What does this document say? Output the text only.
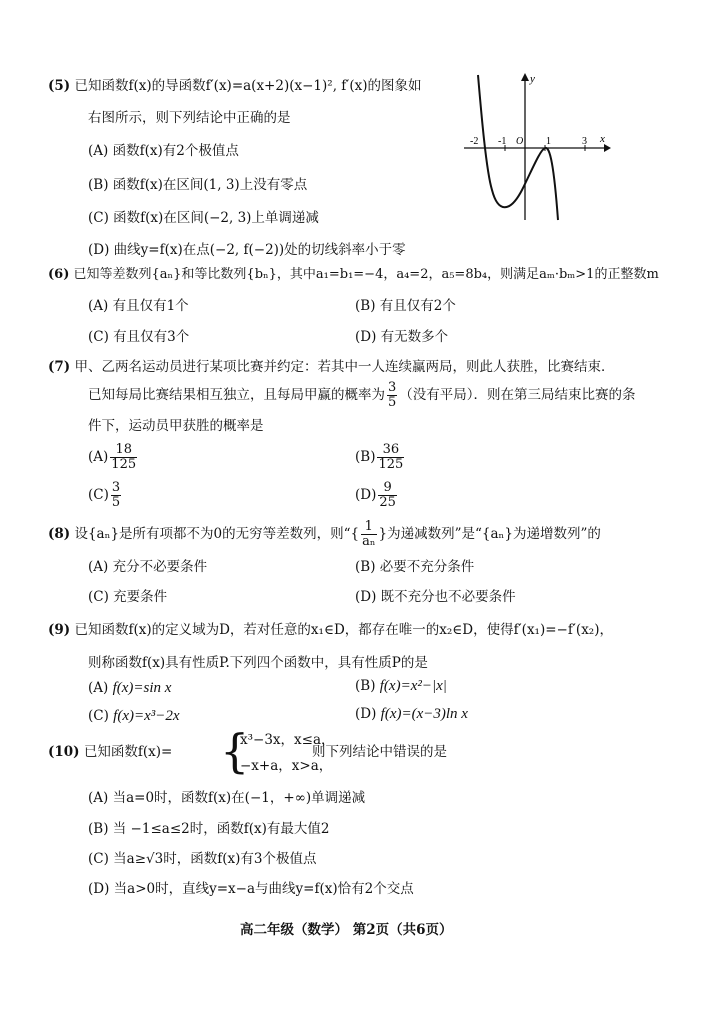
(5) 已知函数f(x)的导函数f′(x)=a(x+2)(x−1)², f′(x)的图象如
右图所示，则下列结论中正确的是
(A) 函数f(x)有2个极值点
(B) 函数f(x)在区间(1, 3)上没有零点
(C) 函数f(x)在区间(−2, 3)上单调递减
(D) 曲线y=f(x)在点(−2, f(−2))处的切线斜率小于零
y
x
-2 -1 O 1	3
(6) 已知等差数列{aₙ}和等比数列{bₙ}，其中a₁=b₁=−4，a₄=2，a₅=8b₄，则满足aₘ·bₘ>1的正整数m
(A) 有且仅有1个	(B) 有且仅有2个
(C) 有且仅有3个	(D) 有无数多个
(7) 甲、乙两名运动员进行某项比赛并约定：若其中一人连续赢两局，则此人获胜，比赛结束．
已知每局比赛结果相互独立，且每局甲赢的概率为 $\frac{3}{5}$ （没有平局）．则在第三局结束比赛的条
件下，运动员甲获胜的概率是
$(A) \frac{18}{125}$	$(B) \frac{36}{125}$
$(C) \frac{3}{5}$	$(D) \frac{9}{25}$
(8) 设{aₙ}是所有项都不为0的无穷等差数列，则“{ $\frac{1}{\text{aₙ}}$ }为递减数列”是“{aₙ}为递增数列”的
(A) 充分不必要条件	(B) 必要不充分条件
(C) 充要条件	(D) 既不充分也不必要条件
(9) 已知函数f(x)的定义域为D，若对任意的x₁∈D，都存在唯一的x₂∈D，使得f′(x₁)=−f′(x₂)，
则称函数f(x)具有性质P.下列四个函数中，具有性质P的是
(A) f(x)=sin x	(B) f(x)=x²−|x|
(C) f(x)=x³−2x	(D) f(x)=(x−3)ln x
(10) 已知函数f(x)= {
x³−3x，x≤a，
−x+a，x>a，
则下列结论中错误的是
(A) 当a=0时，函数f(x)在(−1，+∞)单调递减
(B) 当 −1≤a≤2时，函数f(x)有最大值2
(C) 当a≥√3时，函数f(x)有3个极值点
(D) 当a>0时，直线y=x−a与曲线y=f(x)恰有2个交点
高二年级（数学） 第2页（共6页）
